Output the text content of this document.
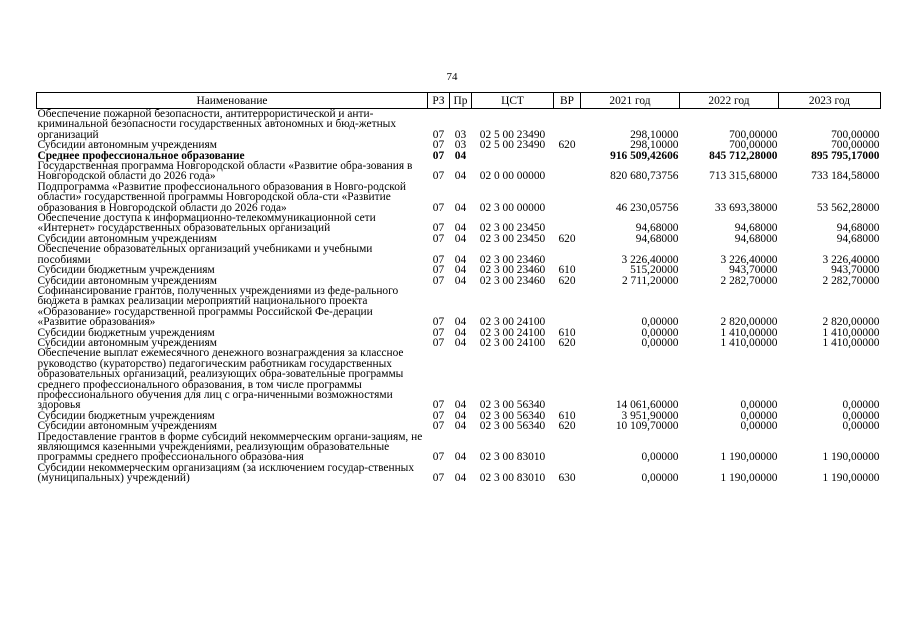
74
Наименование	РЗ	Пр	ЦСТ	ВР	2021 год	2022 год	2023 год
Обеспечение пожарной безопасности, антитеррористической и анти-криминальной безопасности государственных автономных и бюд-жетных организаций	07	03	02 5 00 23490		298,10000	700,00000	700,00000
Субсидии автономным учреждениям	07	03	02 5 00 23490	620	298,10000	700,00000	700,00000
Среднее профессиональное образование	07	04			916 509,42606	845 712,28000	895 795,17000
Государственная программа Новгородской области «Развитие обра-зования в Новгородской области до 2026 года»	07	04	02 0 00 00000		820 680,73756	713 315,68000	733 184,58000
Подпрограмма «Развитие профессионального образования в Новго-родской области» государственной программы Новгородской обла-сти «Развитие образования в Новгородской области до 2026 года»	07	04	02 3 00 00000		46 230,05756	33 693,38000	53 562,28000
Обеспечение доступа к информационно-телекоммуникационной сети «Интернет» государственных образовательных организаций	07	04	02 3 00 23450		94,68000	94,68000	94,68000
Субсидии автономным учреждениям	07	04	02 3 00 23450	620	94,68000	94,68000	94,68000
Обеспечение образовательных организаций учебниками и учебными пособиями	07	04	02 3 00 23460		3 226,40000	3 226,40000	3 226,40000
Субсидии бюджетным учреждениям	07	04	02 3 00 23460	610	515,20000	943,70000	943,70000
Субсидии автономным учреждениям	07	04	02 3 00 23460	620	2 711,20000	2 282,70000	2 282,70000
Софинансирование грантов, полученных учреждениями из феде-рального бюджета в рамках реализации мероприятий национального проекта «Образование» государственной программы Российской Фе-дерации «Развитие образования»	07	04	02 3 00 24100		0,00000	2 820,00000	2 820,00000
Субсидии бюджетным учреждениям	07	04	02 3 00 24100	610	0,00000	1 410,00000	1 410,00000
Субсидии автономным учреждениям	07	04	02 3 00 24100	620	0,00000	1 410,00000	1 410,00000
Обеспечение выплат ежемесячного денежного вознаграждения за классное руководство (кураторство) педагогическим работникам государственных образовательных организаций, реализующих обра-зовательные программы среднего профессионального образования, в том числе программы профессионального обучения для лиц с огра-ниченными возможностями здоровья	07	04	02 3 00 56340		14 061,60000	0,00000	0,00000
Субсидии бюджетным учреждениям	07	04	02 3 00 56340	610	3 951,90000	0,00000	0,00000
Субсидии автономным учреждениям	07	04	02 3 00 56340	620	10 109,70000	0,00000	0,00000
Предоставление грантов в форме субсидий некоммерческим органи-зациям, не являющимся казенными учреждениями, реализующим образовательные программы среднего профессионального образова-ния	07	04	02 3 00 83010		0,00000	1 190,00000	1 190,00000
Субсидии некоммерческим организациям (за исключением государ-ственных (муниципальных) учреждений)	07	04	02 3 00 83010	630	0,00000	1 190,00000	1 190,00000
